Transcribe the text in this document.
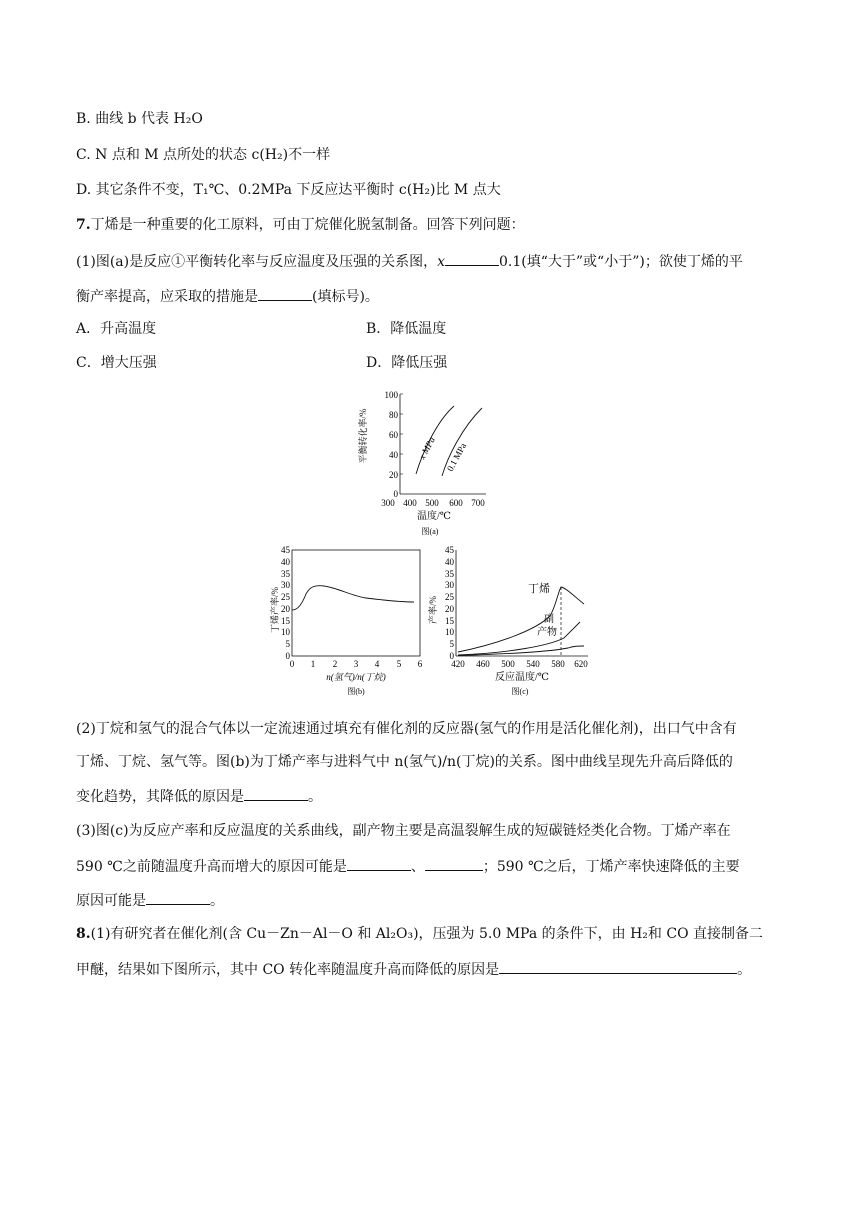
B. 曲线 b 代表 H₂O
C. N 点和 M 点所处的状态 c(H₂)不一样
D. 其它条件不变，T₁℃、0.2MPa 下反应达平衡时 c(H₂)比 M 点大
7.丁烯是一种重要的化工原料，可由丁烷催化脱氢制备。回答下列问题：
(1)图(a)是反应①平衡转化率与反应温度及压强的关系图，x	0.1(填“大于”或“小于”)；欲使丁烯的平
衡产率提高，应采取的措施是	(填标号)。
A．升高温度	B．降低温度
C．增大压强	D．降低压强
平衡转化率/%
0
20
40
60
80
100
300 400 500 600 700
温度/℃
图(a)
x MPa 0.1 MPa
丁烯产率/%
0
5
10
15
20
25
30
35
40
45
0 1 2 3 4 5 6
n(氢气)/n(丁烷)
图(b)
产率/%
0
5
10
15
20
25
30
35
40
45
420 460 500 540 580 620
反应温度/℃
图(c)
丁烯
副
产物
(2)丁烷和氢气的混合气体以一定流速通过填充有催化剂的反应器(氢气的作用是活化催化剂)，出口气中含有
丁烯、丁烷、氢气等。图(b)为丁烯产率与进料气中 n(氢气)/n(丁烷)的关系。图中曲线呈现先升高后降低的
变化趋势，其降低的原因是	。
(3)图(c)为反应产率和反应温度的关系曲线，副产物主要是高温裂解生成的短碳链烃类化合物。丁烯产率在
590 ℃之前随温度升高而增大的原因可能是	、	；590 ℃之后，丁烯产率快速降低的主要
原因可能是	。
8.(1)有研究者在催化剂(含 Cu－Zn－Al－O 和 Al₂O₃)，压强为 5.0 MPa 的条件下，由 H₂和 CO 直接制备二
甲醚，结果如下图所示，其中 CO 转化率随温度升高而降低的原因是	。
